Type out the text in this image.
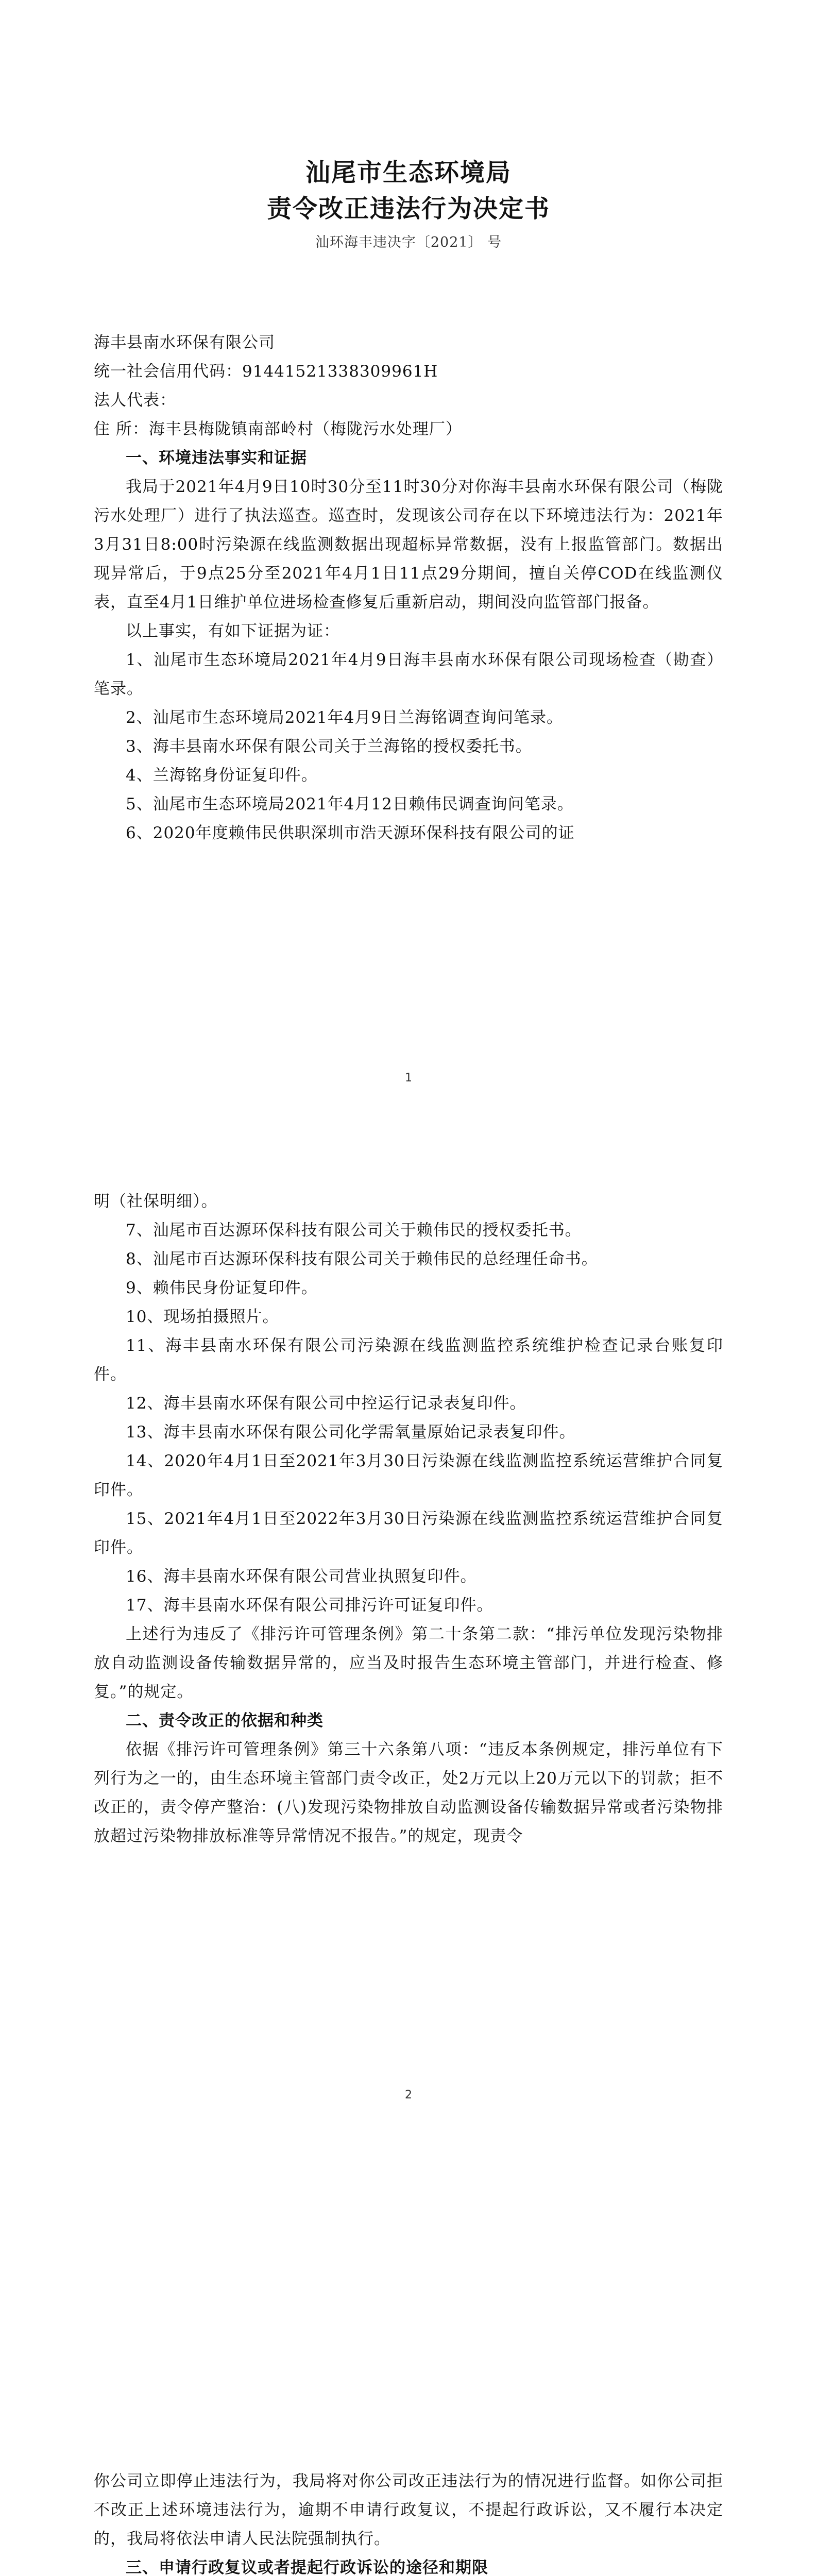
汕尾市生态环境局

责令改正违法行为决定书

汕环海丰违决字〔2021〕 号

海丰县南水环保有限公司

统一社会信用代码：91441521338309961H

法人代表：

住 所：海丰县梅陇镇南部岭村（梅陇污水处理厂）

一、环境违法事实和证据

我局于2021年4月9日10时30分至11时30分对你海丰县南水环保有限公司（梅陇污水处理厂）进行了执法巡查。巡查时，发现该公司存在以下环境违法行为：2021年3月31日8:00时污染源在线监测数据出现超标异常数据，没有上报监管部门。数据出现异常后，于9点25分至2021年4月1日11点29分期间，擅自关停COD在线监测仪表，直至4月1日维护单位进场检查修复后重新启动，期间没向监管部门报备。

以上事实，有如下证据为证：

1、汕尾市生态环境局2021年4月9日海丰县南水环保有限公司现场检查（勘查）笔录。

2、汕尾市生态环境局2021年4月9日兰海铭调查询问笔录。

3、海丰县南水环保有限公司关于兰海铭的授权委托书。

4、兰海铭身份证复印件。

5、汕尾市生态环境局2021年4月12日赖伟民调查询问笔录。

6、2020年度赖伟民供职深圳市浩天源环保科技有限公司的证

1

明（社保明细）。

7、汕尾市百达源环保科技有限公司关于赖伟民的授权委托书。

8、汕尾市百达源环保科技有限公司关于赖伟民的总经理任命书。

9、赖伟民身份证复印件。

10、现场拍摄照片。

11、海丰县南水环保有限公司污染源在线监测监控系统维护检查记录台账复印件。

12、海丰县南水环保有限公司中控运行记录表复印件。

13、海丰县南水环保有限公司化学需氧量原始记录表复印件。

14、2020年4月1日至2021年3月30日污染源在线监测监控系统运营维护合同复印件。

15、2021年4月1日至2022年3月30日污染源在线监测监控系统运营维护合同复印件。

16、海丰县南水环保有限公司营业执照复印件。

17、海丰县南水环保有限公司排污许可证复印件。

上述行为违反了《排污许可管理条例》第二十条第二款：“排污单位发现污染物排放自动监测设备传输数据异常的，应当及时报告生态环境主管部门，并进行检查、修复。”的规定。

二、责令改正的依据和种类

依据《排污许可管理条例》第三十六条第八项：“违反本条例规定，排污单位有下列行为之一的，由生态环境主管部门责令改正，处2万元以上20万元以下的罚款；拒不改正的，责令停产整治：(八)发现污染物排放自动监测设备传输数据异常或者污染物排放超过污染物排放标准等异常情况不报告。”的规定，现责令

2

你公司立即停止违法行为，我局将对你公司改正违法行为的情况进行监督。如你公司拒不改正上述环境违法行为，逾期不申请行政复议，不提起行政诉讼，又不履行本决定的，我局将依法申请人民法院强制执行。

三、申请行政复议或者提起行政诉讼的途径和期限
